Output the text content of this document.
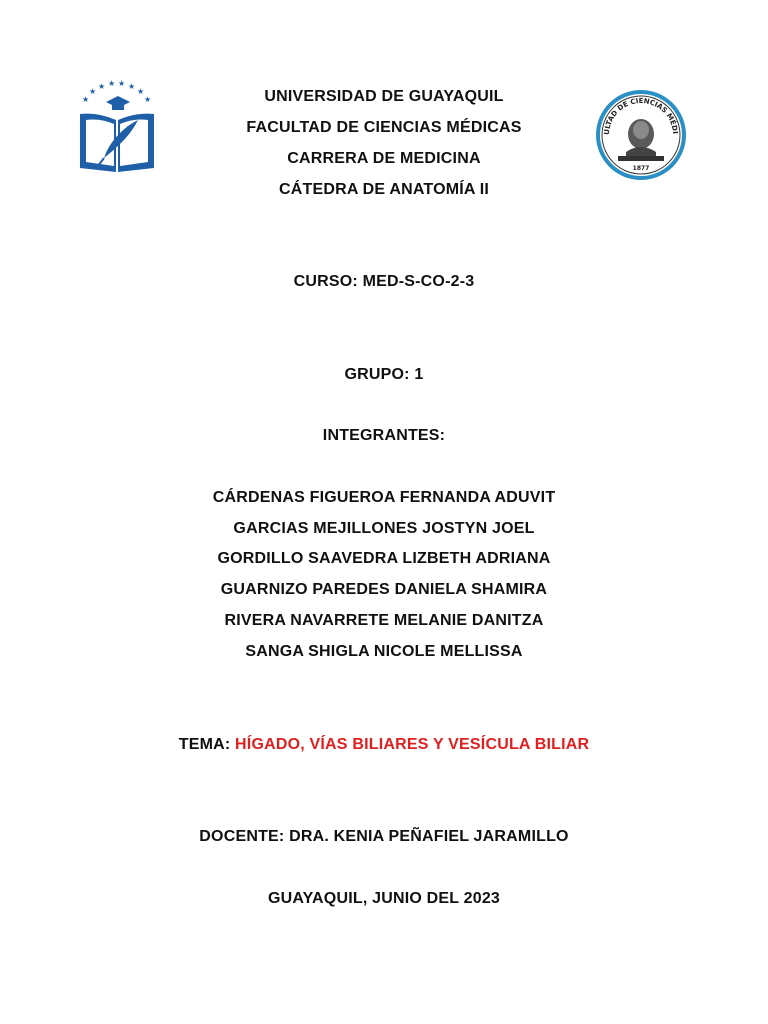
★
★
★ ★ ★ ★
★
★
ULTAD DE CIENCIAS MÉDI
1877
UNIVERSIDAD DE GUAYAQUIL
FACULTAD DE CIENCIAS MÉDICAS
CARRERA DE MEDICINA
CÁTEDRA DE ANATOMÍA II
CURSO: MED-S-CO-2-3
GRUPO: 1
INTEGRANTES:
CÁRDENAS FIGUEROA FERNANDA ADUVIT
GARCIAS MEJILLONES JOSTYN JOEL
GORDILLO SAAVEDRA LIZBETH ADRIANA
GUARNIZO PAREDES DANIELA SHAMIRA
RIVERA NAVARRETE MELANIE DANITZA
SANGA SHIGLA NICOLE MELLISSA
TEMA: HÍGADO, VÍAS BILIARES Y VESÍCULA BILIAR
DOCENTE: DRA. KENIA PEÑAFIEL JARAMILLO
GUAYAQUIL, JUNIO DEL 2023
